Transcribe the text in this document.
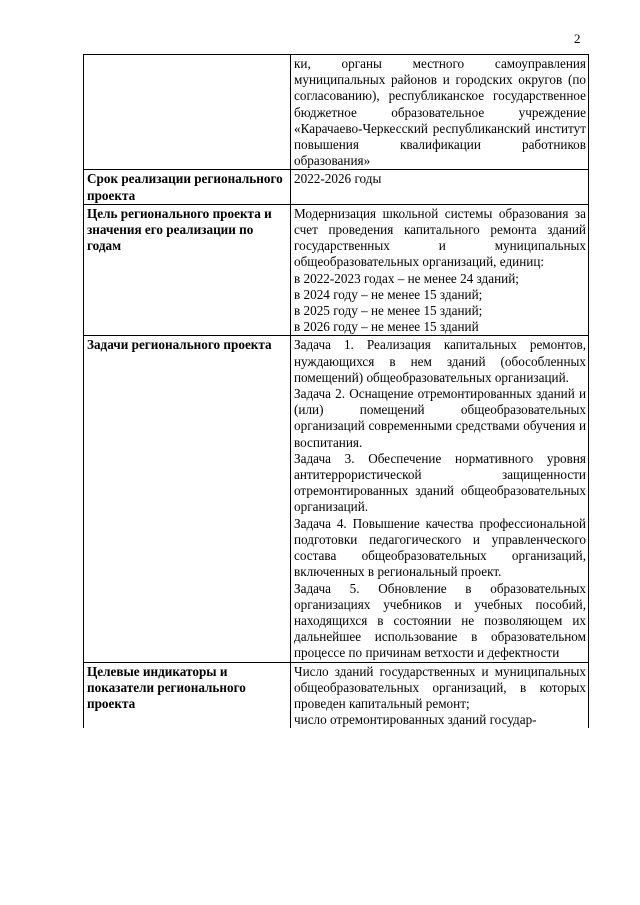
2

	ки, органы местного самоуправления муниципальных районов и городских округов (по согласованию), республиканское государственное бюджетное образовательное учреждение «Карачаево-Черкесский республиканский институт повышения квалификации работников образования»

Срок реализации регионального проекта	2022-2026 годы

Цель регионального проекта и значения его реализации по годам	Модернизация школьной системы образования за счет проведения капитального ремонта зданий государственных и муниципальных общеобразовательных организаций, единиц:
в 2022-2023 годах – не менее 24 зданий;
в 2024 году – не менее 15 зданий;
в 2025 году – не менее 15 зданий;
в 2026 году – не менее 15 зданий

Задачи регионального проекта	Задача 1. Реализация капитальных ремонтов, нуждающихся в нем зданий (обособленных помещений) общеобразовательных организаций.
Задача 2. Оснащение отремонтированных зданий и (или) помещений общеобразовательных организаций современными средствами обучения и воспитания.
Задача 3. Обеспечение нормативного уровня антитеррористической защищенности отремонтированных зданий общеобразовательных организаций.
Задача 4. Повышение качества профессиональной подготовки педагогического и управленческого состава общеобразовательных организаций, включенных в региональный проект.
Задача 5. Обновление в образовательных организациях учебников и учебных пособий, находящихся в состоянии не позволяющем их дальнейшее использование в образовательном процессе по причинам ветхости и дефектности

Целевые индикаторы и показатели регионального проекта	Число зданий государственных и муниципальных общеобразовательных организаций, в которых проведен капитальный ремонт;
число отремонтированных зданий государ-
